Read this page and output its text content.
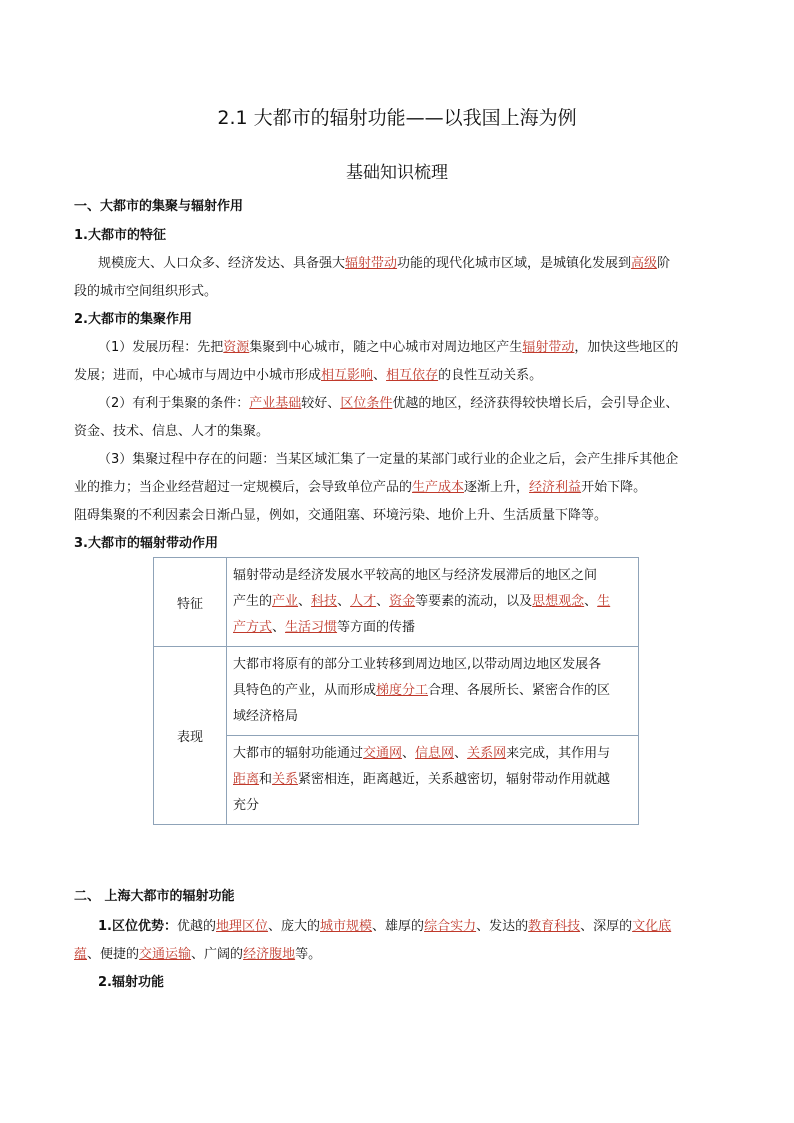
2.1 大都市的辐射功能——以我国上海为例
基础知识梳理
一、大都市的集聚与辐射作用
1.大都市的特征
规模庞大、人口众多、经济发达、具备强大辐射带动功能的现代化城市区域，是城镇化发展到高级阶
段的城市空间组织形式。
2.大都市的集聚作用
（1）发展历程：先把资源集聚到中心城市，随之中心城市对周边地区产生辐射带动，加快这些地区的
发展；进而，中心城市与周边中小城市形成相互影响、相互依存的良性互动关系。
（2）有利于集聚的条件：产业基础较好、区位条件优越的地区，经济获得较快增长后，会引导企业、
资金、技术、信息、人才的集聚。
（3）集聚过程中存在的问题：当某区域汇集了一定量的某部门或行业的企业之后，会产生排斥其他企
业的推力；当企业经营超过一定规模后，会导致单位产品的生产成本逐渐上升，经济利益开始下降。
阻碍集聚的不利因素会日渐凸显，例如，交通阻塞、环境污染、地价上升、生活质量下降等。
3.大都市的辐射带动作用
特征	辐射带动是经济发展水平较高的地区与经济发展滞后的地区之间
产生的产业、科技、人才、资金等要素的流动，以及思想观念、生
产方式、生活习惯等方面的传播

表现	大都市将原有的部分工业转移到周边地区,以带动周边地区发展各
具特色的产业，从而形成梯度分工合理、各展所长、紧密合作的区
域经济格局

	大都市的辐射功能通过交通网、信息网、关系网来完成，其作用与
距离和关系紧密相连，距离越近，关系越密切，辐射带动作用就越
充分
二、 上海大都市的辐射功能
1.区位优势：优越的地理区位、庞大的城市规模、雄厚的综合实力、发达的教育科技、深厚的文化底
蕴、便捷的交通运输、广阔的经济腹地等。
2.辐射功能
